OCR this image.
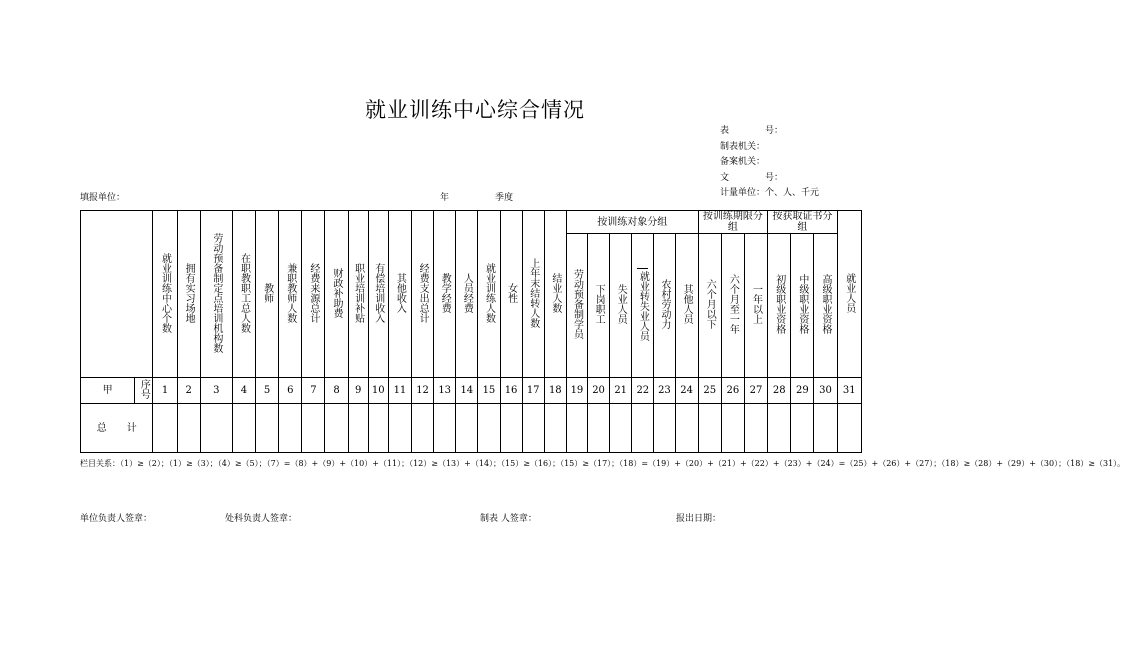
就业训练中心综合情况
表　　　　号：
制表机关：
备案机关：
文　　　　号：
计量单位：个、人、千元
填报单位：	年	季度
		就业训练中心个数	拥有实习场地	劳动预备制定点培训机构数	在职教职工总人数	教师	兼职教师人数	经费来源总计	财政补助费	职业培训补贴	有偿培训收入	其他收入	经费支出总计	教学经费	人员经费	就业训练人数	女性	上年末结转人数	结业人数	按训练对象分组						按训练期限分组			按获取证书分组			就业人员
																				劳动预备制学员	下岗职工	失业人员	就业转失业人员	农村劳动力	其他人员	六个月以下	六个月至一年	一年以上	初级职业资格	中级职业资格	高级职业资格	
甲	序号	1	2	3	4	5	6	7	8	9	10	11	12	13	14	15	16	17	18	19	20	21	22	23	24	25	26	27	28	29	30	31
总　　计																																
栏目关系：（1）≥（2）；（1）≥（3）；（4）≥（5）；（7）=（8）+（9）+（10）+（11）；（12）≥（13）+（14）；（15）≥（16）；（15）≥（17）；（18）=（19）+（20）+（21）+（22）+（23）+（24）=（25）+（26）+（27）；（18）≥（28）+（29）+（30）；（18）≥（31）。
单位负责人签章：	处科负责人签章：	制表 人签章：	报出日期：
